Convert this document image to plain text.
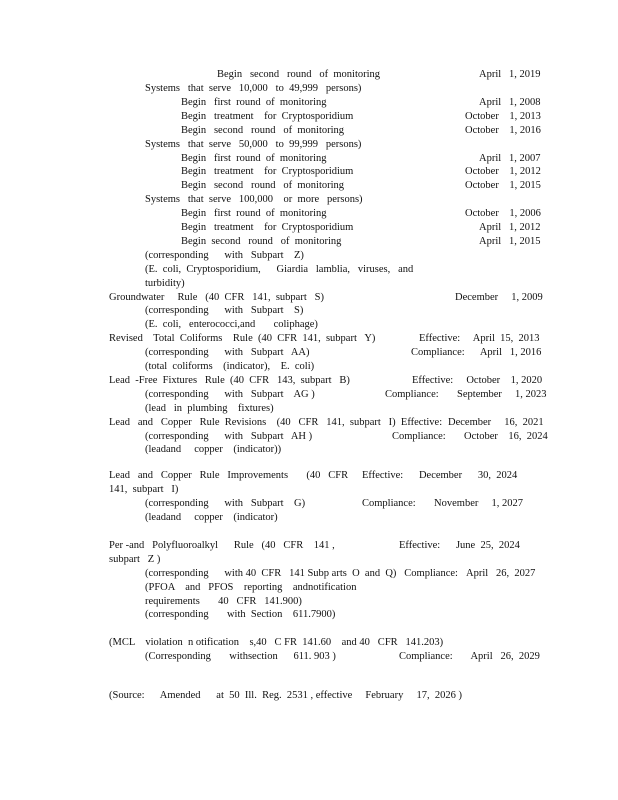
Begin   second   round   of  monitoring	April   1, 2019
Systems   that  serve   10,000   to  49,999   persons)
Begin   first  round  of  monitoring	April   1, 2008
Begin   treatment    for  Cryptosporidium	October    1, 2013
Begin   second   round   of  monitoring	October    1, 2016
Systems   that  serve   50,000   to  99,999   persons)
Begin   first  round  of  monitoring	April   1, 2007
Begin   treatment    for  Cryptosporidium	October    1, 2012
Begin   second   round   of  monitoring	October    1, 2015
Systems   that  serve   100,000    or  more   persons)
Begin   first  round  of  monitoring	October    1, 2006
Begin   treatment    for  Cryptosporidium	April   1, 2012
Begin  second   round   of  monitoring	April   1, 2015
(corresponding      with   Subpart    Z)
(E.  coli,  Cryptosporidium,      Giardia   lamblia,   viruses,   and
turbidity)
Groundwater     Rule   (40  CFR   141,  subpart   S)	December     1, 2009
(corresponding      with   Subpart    S)
(E.  coli,   enterococci,and       coliphage)
Revised    Total  Coliforms    Rule  (40  CFR  141,  subpart   Y)	Effective:     April  15,  2013
(corresponding      with   Subpart   AA)	Compliance:      April   1, 2016
(total  coliforms    (indicator),    E.  coli)
Lead  -Free  Fixtures   Rule  (40  CFR   143,  subpart   B)	Effective:     October    1, 2020
(corresponding      with   Subpart    AG )	Compliance:       September     1, 2023
(lead   in  plumbing    fixtures)
Lead   and   Copper   Rule  Revisions    (40   CFR   141,  subpart   I)  Effective: December     16,  2021
(corresponding      with   Subpart   AH )	Compliance:       October    16,  2024
(leadand     copper    (indicator))
Lead   and   Copper   Rule   Improvements       (40   CFR Effective:      December      30,  2024
141,  subpart   I)
(corresponding      with   Subpart    G)	Compliance:       November     1, 2027
(leadand     copper    (indicator)
Per -and   Polyfluoroalkyl      Rule   (40   CFR    141 ,	Effective:      June  25,  2024
subpart   Z )
(corresponding      with 40  CFR   141 Subp arts  O  and  Q)   Compliance: April   26,  2027
(PFOA    and   PFOS    reporting    andnotification
requirements       40   CFR   141.900)
(corresponding       with  Section    611.7900)
(MCL    violation  n otification    s,40   C FR  141.60    and 40   CFR   141.203)
(Corresponding       withsection      611. 903 )	Compliance:       April   26,  2029
(Source:      Amended      at  50  Ill.  Reg.  2531 , effective     February     17,  2026 )
